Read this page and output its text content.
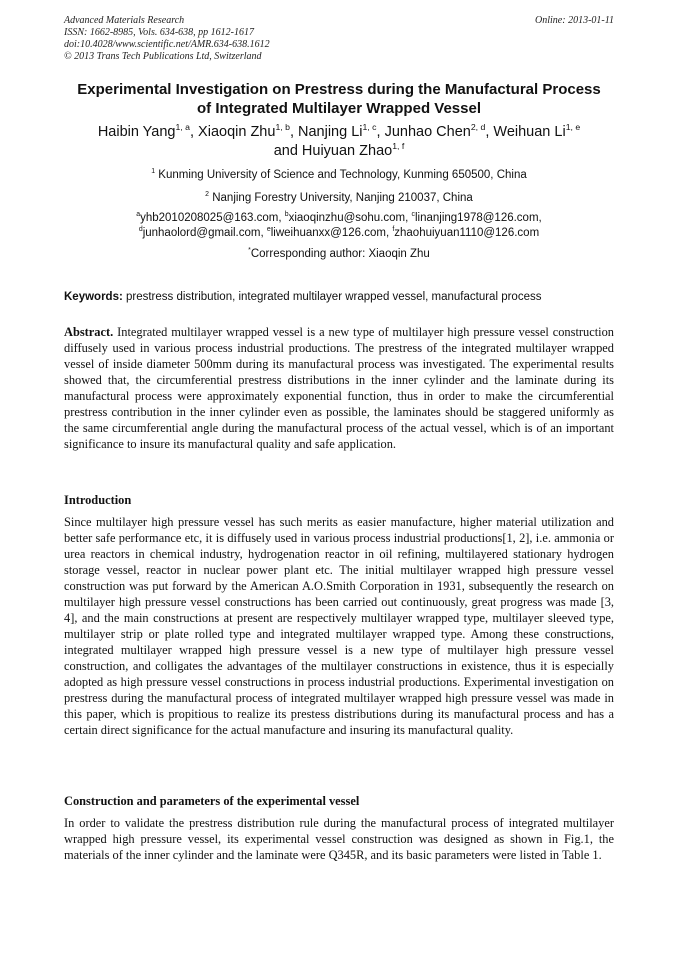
Advanced Materials Research
ISSN: 1662-8985, Vols. 634-638, pp 1612-1617
doi:10.4028/www.scientific.net/AMR.634-638.1612
© 2013 Trans Tech Publications Ltd, Switzerland
Online: 2013-01-11
Experimental Investigation on Prestress during the Manufactural Process of Integrated Multilayer Wrapped Vessel
Haibin Yang$^{1, a}$, Xiaoqin Zhu$^{1, b}$, Nanjing Li$^{1, c}$, Junhao Chen$^{2, d}$, Weihuan Li$^{1, e}$
and Huiyuan Zhao$^{1, f}$
$^1$ Kunming University of Science and Technology, Kunming 650500, China
$^2$ Nanjing Forestry University, Nanjing 210037, China
$^a$yhb2010208025@163.com, $^b$xiaoqinzhu@sohu.com, $^c$linanjing1978@126.com,
$^d$junhaolord@gmail.com, $^e$liweihuanxx@126.com, $^f$zhaohuiyuan1110@126.com
*Corresponding author: Xiaoqin Zhu
Keywords: prestress distribution, integrated multilayer wrapped vessel, manufactural process
Abstract. Integrated multilayer wrapped vessel is a new type of multilayer high pressure vessel construction diffusely used in various process industrial productions. The prestress of the integrated multilayer wrapped vessel of inside diameter 500mm during its manufactural process was investigated. The experimental results showed that, the circumferential prestress distributions in the inner cylinder and the laminate during its manufactural process were approximately exponential function, thus in order to make the circumferential prestress contribution in the inner cylinder even as possible, the laminates should be staggered uniformly as the same circumferential angle during the manufactural process of the actual vessel, which is of an important significance to insure its manufactural quality and safe application.
Introduction
Since multilayer high pressure vessel has such merits as easier manufacture, higher material utilization and better safe performance etc, it is diffusely used in various process industrial productions[1, 2], i.e. ammonia or urea reactors in chemical industry, hydrogenation reactor in oil refining, multilayered stationary hydrogen storage vessel, reactor in nuclear power plant etc. The initial multilayer wrapped high pressure vessel construction was put forward by the American A.O.Smith Corporation in 1931, subsequently the research on multilayer high pressure vessel constructions has been carried out continuously, great progress was made [3, 4], and the main constructions at present are respectively multilayer wrapped type, multilayer sleeved type, multilayer strip or plate rolled type and integrated multilayer wrapped type. Among these constructions, integrated multilayer wrapped high pressure vessel is a new type of multilayer high pressure vessel construction, and colligates the advantages of the multilayer constructions in existence, thus it is especially adopted as high pressure vessel constructions in process industrial productions. Experimental investigation on prestress during the manufactural process of integrated multilayer wrapped high pressure vessel was made in this paper, which is propitious to realize its prestess distributions during its manufactural process and has a certain direct significance for the actual manufacture and insuring its manufactural quality.
Construction and parameters of the experimental vessel
In order to validate the prestress distribution rule during the manufactural process of integrated multilayer wrapped high pressure vessel, its experimental vessel construction was designed as shown in Fig.1, the materials of the inner cylinder and the laminate were Q345R, and its basic parameters were listed in Table 1.
